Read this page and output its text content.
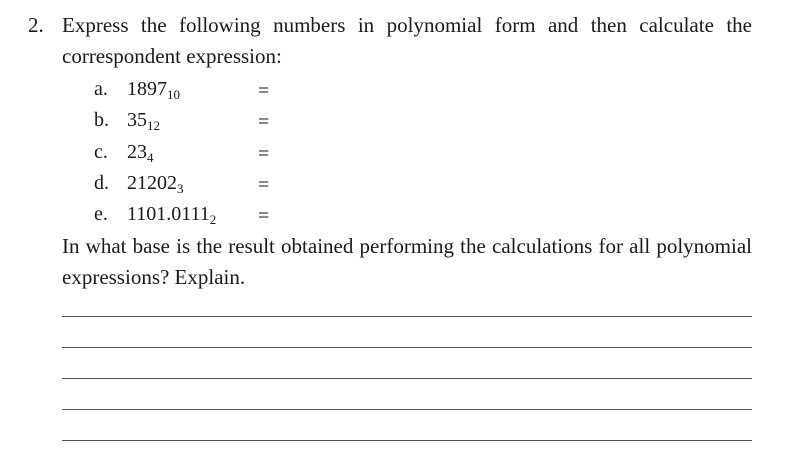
2. Express the following numbers in polynomial form and then calculate the correspondent expression:
a. $1897_{10}$	=
b. $35_{12}$	=
c. $23_4$	=
d. $21202_3$	=
e. $1101.0111_2$ =
In what base is the result obtained performing the calculations for all polynomial expressions? Explain.
